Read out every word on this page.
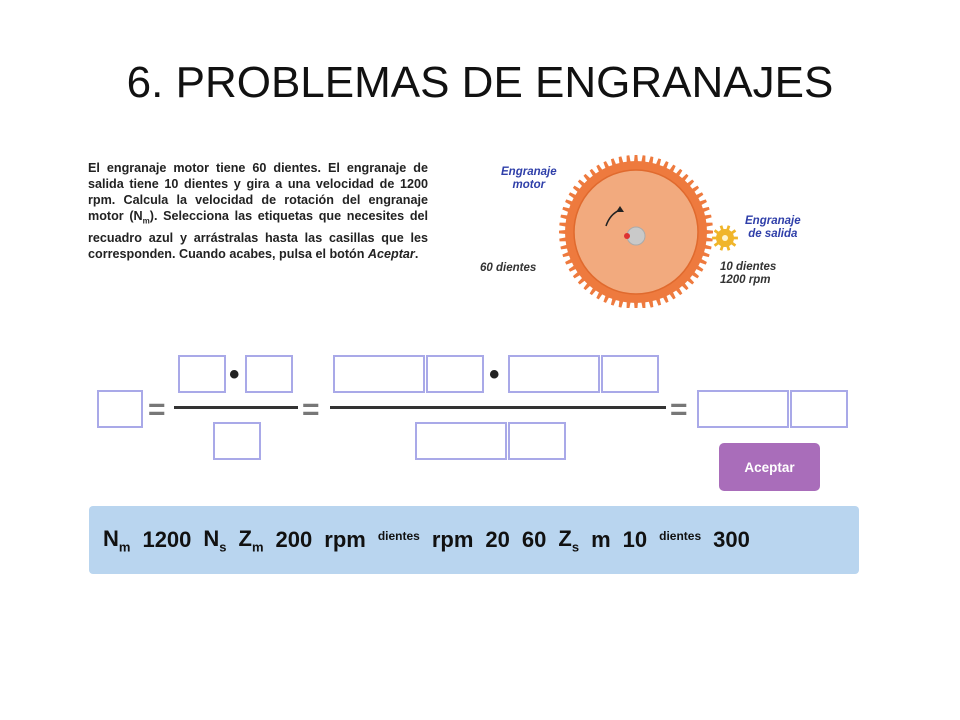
6. PROBLEMAS DE ENGRANAJES
El engranaje motor tiene 60 dientes. El engranaje de salida tiene 10 dientes y gira a una velocidad de 1200 rpm. Calcula la velocidad de rotación del engranaje motor $(N_m)$. Selecciona las etiquetas que necesites del recuadro azul y arrástralas hasta las casillas que les corresponden. Cuando acabes, pulsa el botón Aceptar.
Engranaje
motor
Engranaje
de salida
60 dientes	10 dientes
1200 rpm
=
•
=
•
=
Aceptar
$N_m$ 1200 $N_s$ $Z_m$ 200 rpm dientes rpm 20 60 $Z_s$ m 10 dientes 300
